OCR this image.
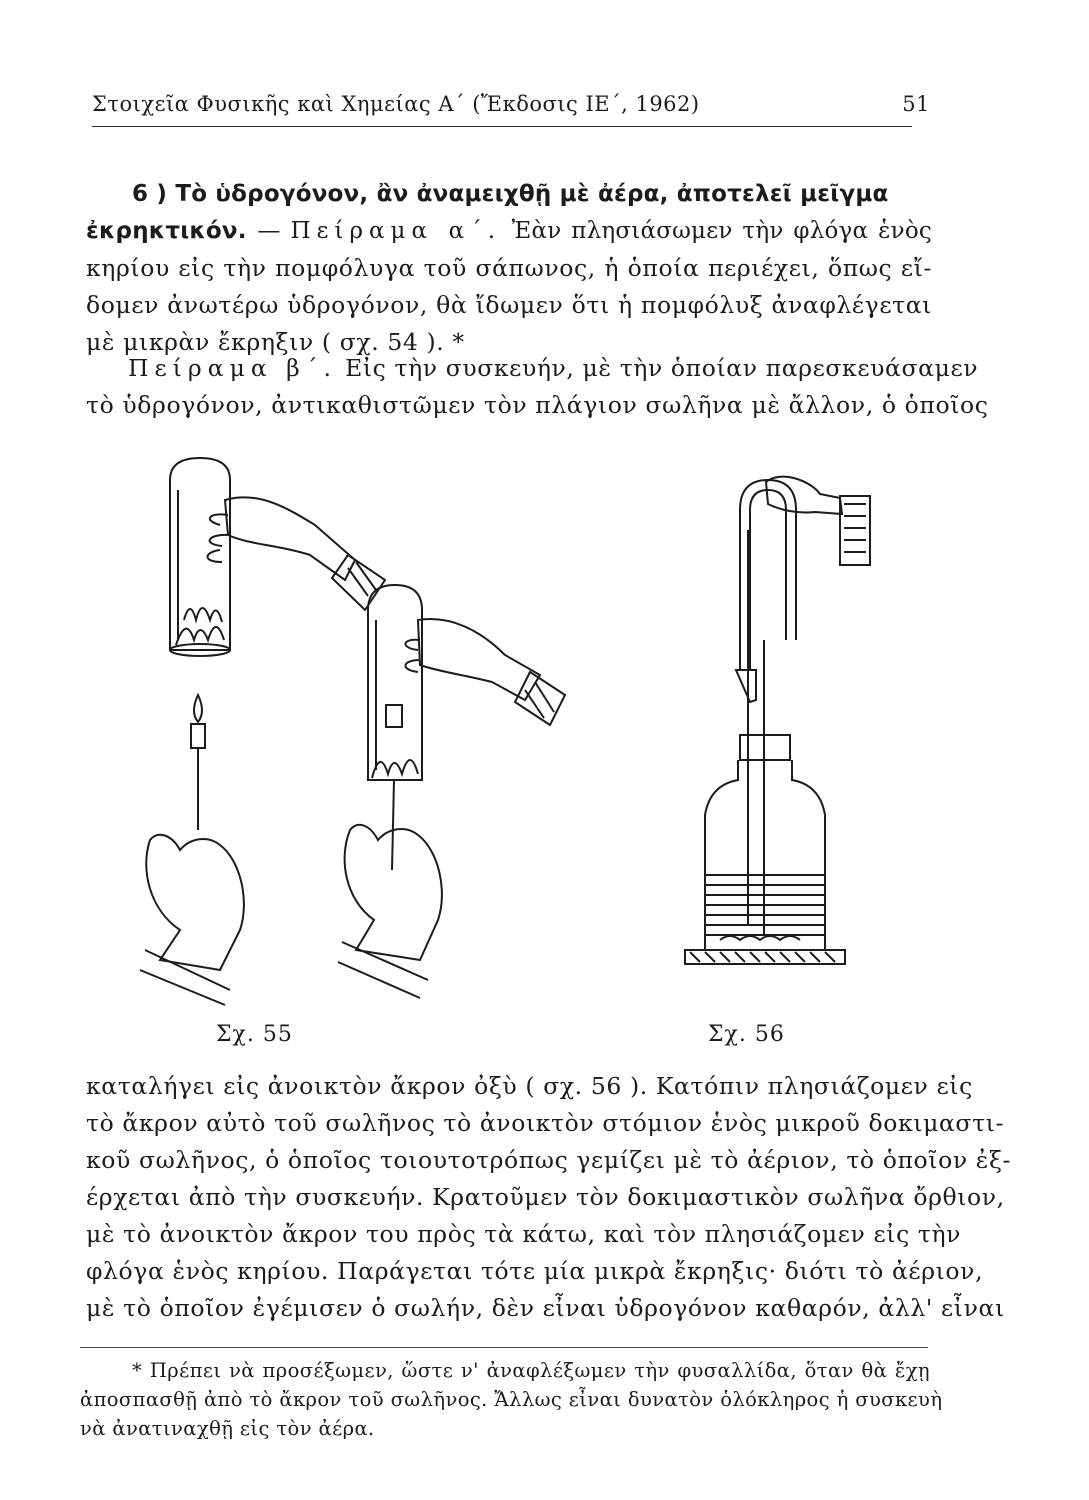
Στοιχεῖα Φυσικῆς καὶ Χημείας Α΄ (Ἔκδοσις ΙΕ΄, 1962)	51
6 ) Τὸ ὑδρογόνον, ἂν ἀναμειχθῇ μὲ ἀέρα, ἀποτελεῖ μεῖγμα ἐκρηκτικόν. — Πείραμα α΄. Ἐὰν πλησιάσωμεν τὴν φλόγα ἑνὸς
κηρίου εἰς τὴν πομφόλυγα τοῦ σάπωνος, ἡ ὁποία περιέχει, ὅπως εἴ-
δομεν ἀνωτέρω ὑδρογόνον, θὰ ἴδωμεν ὅτι ἡ πομφόλυξ ἀναφλέγεται
μὲ μικρὰν ἔκρηξιν ( σχ. 54 ). *
Πείραμα β΄. Εἰς τὴν συσκευήν, μὲ τὴν ὁποίαν παρεσκευάσαμεν
τὸ ὑδρογόνον, ἀντικαθιστῶμεν τὸν πλάγιον σωλῆνα μὲ ἄλλον, ὁ ὁποῖος
Σχ. 55	Σχ. 56
καταλήγει εἰς ἀνοικτὸν ἄκρον ὀξὺ ( σχ. 56 ). Κατόπιν πλησιάζομεν εἰς
τὸ ἄκρον αὐτὸ τοῦ σωλῆνος τὸ ἀνοικτὸν στόμιον ἑνὸς μικροῦ δοκιμαστι-
κοῦ σωλῆνος, ὁ ὁποῖος τοιουτοτρόπως γεμίζει μὲ τὸ ἀέριον, τὸ ὁποῖον ἐξ-
έρχεται ἀπὸ τὴν συσκευήν. Κρατοῦμεν τὸν δοκιμαστικὸν σωλῆνα ὄρθιον,
μὲ τὸ ἀνοικτὸν ἄκρον του πρὸς τὰ κάτω, καὶ τὸν πλησιάζομεν εἰς τὴν
φλόγα ἑνὸς κηρίου. Παράγεται τότε μία μικρὰ ἔκρηξις· διότι τὸ ἀέριον,
μὲ τὸ ὁποῖον ἐγέμισεν ὁ σωλήν, δὲν εἶναι ὑδρογόνον καθαρόν, ἀλλ' εἶναι
* Πρέπει νὰ προσέξωμεν, ὥστε ν' ἀναφλέξωμεν τὴν φυσαλλίδα, ὅταν θὰ ἔχῃ
ἀποσπασθῇ ἀπὸ τὸ ἄκρον τοῦ σωλῆνος. Ἄλλως εἶναι δυνατὸν ὁλόκληρος ἡ συσκευὴ
νὰ ἀνατιναχθῇ εἰς τὸν ἀέρα.
